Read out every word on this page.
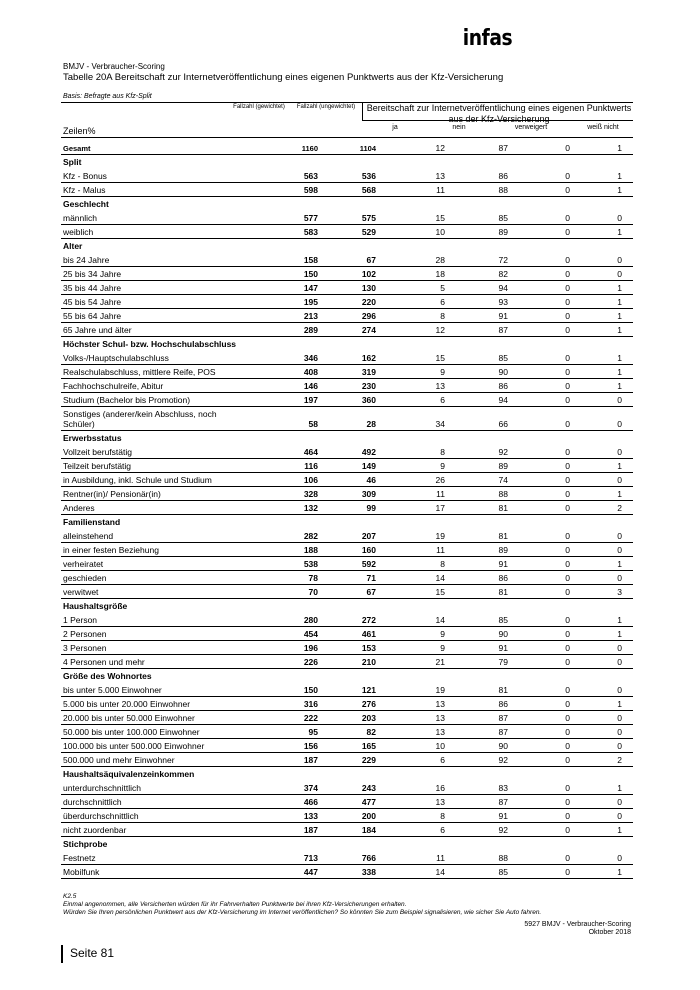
infas
BMJV - Verbraucher-Scoring
Tabelle 20A Bereitschaft zur Internetveröffentlichung eines eigenen Punktwerts aus der Kfz-Versicherung
Basis: Befragte aus Kfz-Split
Fallzahl (gewichtet)	Fallzahl (ungewichtet)	Bereitschaft zur Internetveröffentlichung eines eigenen Punktwerts aus der Kfz-Versicherung
Zeilen%	ja	nein	verweigert	weiß nicht
Gesamt	1160	1104	12	87	0	1
Split
Kfz - Bonus	563	536	13	86	0	1
Kfz - Malus	598	568	11	88	0	1
Geschlecht
männlich	577	575	15	85	0	0
weiblich	583	529	10	89	0	1
Alter
bis 24 Jahre	158	67	28	72	0	0
25 bis 34 Jahre	150	102	18	82	0	0
35 bis 44 Jahre	147	130	5	94	0	1
45 bis 54 Jahre	195	220	6	93	0	1
55 bis 64 Jahre	213	296	8	91	0	1
65 Jahre und älter	289	274	12	87	0	1
Höchster Schul- bzw. Hochschulabschluss
Volks-/Hauptschulabschluss	346	162	15	85	0	1
Realschulabschluss, mittlere Reife, POS	408	319	9	90	0	1
Fachhochschulreife, Abitur	146	230	13	86	0	1
Studium (Bachelor bis Promotion)	197	360	6	94	0	0
Sonstiges (anderer/kein Abschluss, noch Schüler)	58	28	34	66	0	0
Erwerbsstatus
Vollzeit berufstätig	464	492	8	92	0	0
Teilzeit berufstätig	116	149	9	89	0	1
in Ausbildung, inkl. Schule und Studium	106	46	26	74	0	0
Rentner(in)/ Pensionär(in)	328	309	11	88	0	1
Anderes	132	99	17	81	0	2
Familienstand
alleinstehend	282	207	19	81	0	0
in einer festen Beziehung	188	160	11	89	0	0
verheiratet	538	592	8	91	0	1
geschieden	78	71	14	86	0	0
verwitwet	70	67	15	81	0	3
Haushaltsgröße
1 Person	280	272	14	85	0	1
2 Personen	454	461	9	90	0	1
3 Personen	196	153	9	91	0	0
4 Personen und mehr	226	210	21	79	0	0
Größe des Wohnortes
bis unter 5.000 Einwohner	150	121	19	81	0	0
5.000 bis unter 20.000 Einwohner	316	276	13	86	0	1
20.000 bis unter 50.000 Einwohner	222	203	13	87	0	0
50.000 bis unter 100.000 Einwohner	95	82	13	87	0	0
100.000 bis unter 500.000 Einwohner	156	165	10	90	0	0
500.000 und mehr Einwohner	187	229	6	92	0	2
Haushaltsäquivalenzeinkommen
unterdurchschnittlich	374	243	16	83	0	1
durchschnittlich	466	477	13	87	0	0
überdurchschnittlich	133	200	8	91	0	0
nicht zuordenbar	187	184	6	92	0	1
Stichprobe
Festnetz	713	766	11	88	0	0
Mobilfunk	447	338	14	85	0	1
K2.5
Einmal angenommen, alle Versicherten würden für ihr Fahrverhalten Punktwerte bei ihren Kfz-Versicherungen erhalten.
Würden Sie Ihren persönlichen Punktwert aus der Kfz-Versicherung im Internet veröffentlichen? So könnten Sie zum Beispiel signalisieren, wie sicher Sie Auto fahren.
5927 BMJV - Verbraucher-Scoring
Oktober 2018
Seite 81
